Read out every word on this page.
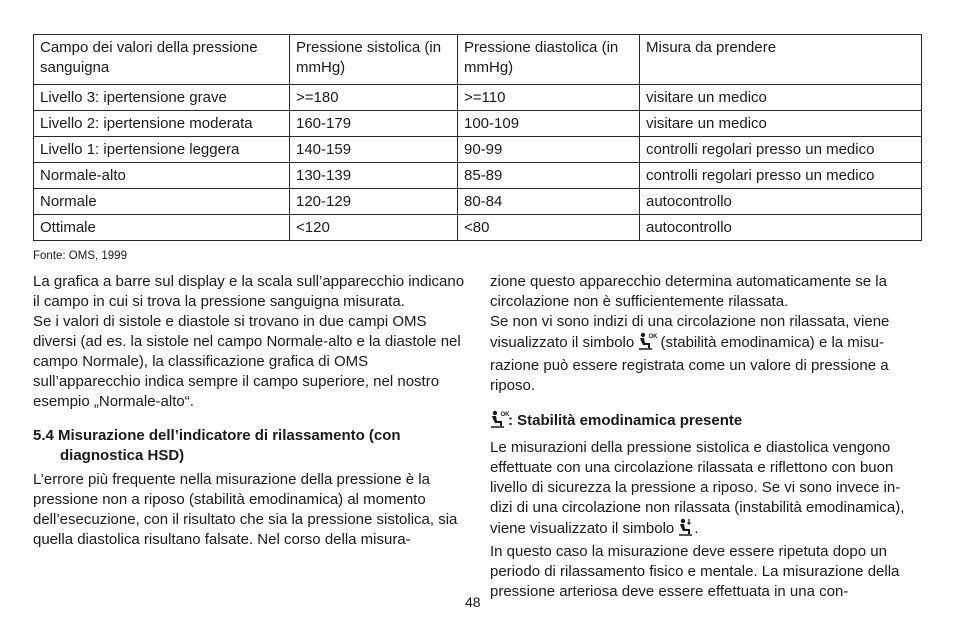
Campo dei valori della pressione sanguigna	Pressione sistolica (in mmHg)	Pressione diastolica (in mmHg)	Misura da prendere
Livello 3: ipertensione grave	>=180	>=110	visitare un medico
Livello 2: ipertensione moderata	160-179	100-109	visitare un medico
Livello 1: ipertensione leggera	140-159	90-99	controlli regolari presso un medico
Normale-alto	130-139	85-89	controlli regolari presso un medico
Normale	120-129	80-84	autocontrollo
Ottimale	<120	<80	autocontrollo
Fonte: OMS, 1999

La grafica a barre sul display e la scala sull’apparecchio indicano il campo in cui si trova la pressione sanguigna misurata.

Se i valori di sistole e diastole si trovano in due campi OMS diversi (ad es. la sistole nel campo Normale-alto e la diastole nel campo Normale), la classificazione grafica di OMS sull’apparecchio indica sempre il campo superiore, nel nostro esempio „Normale-alto“.

5.4 Misurazione dell’indicatore di rilassamento (con
diagnostica HSD)

L’errore più frequente nella misurazione della pressione è la pressione non a riposo (stabilità emodinamica) al momento dell’esecuzione, con il risultato che sia la pressione sistolica, sia quella diastolica risultano falsate. Nel corso della misura-

zione questo apparecchio determina automaticamente se la circolazione non è sufficientemente rilassata.

Se non vi sono indizi di una circolazione non rilassata, viene visualizzato il simbolo OK
(stabilità emodinamica) e la misu-razione può essere registrata come un valore di pressione a riposo.

OK
: Stabilità emodinamica presente

Le misurazioni della pressione sistolica e diastolica vengono effettuate con una circolazione rilassata e riflettono con buon livello di sicurezza la pressione a riposo. Se vi sono invece in-dizi di una circolazione non rilassata (instabilità emodinamica), viene visualizzato il simbolo .

In questo caso la misurazione deve essere ripetuta dopo un periodo di rilassamento fisico e mentale. La misurazione della pressione arteriosa deve essere effettuata in una con-

48
